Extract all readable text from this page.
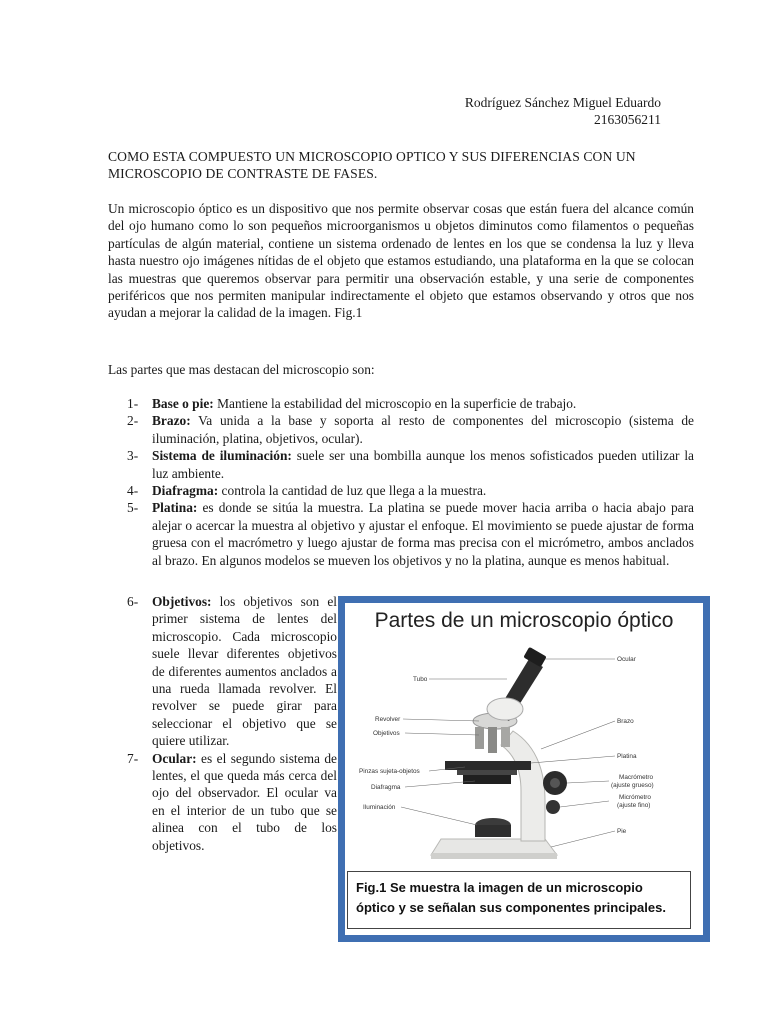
Rodríguez Sánchez Miguel Eduardo
2163056211
COMO ESTA COMPUESTO UN MICROSCOPIO OPTICO Y SUS DIFERENCIAS CON UN MICROSCOPIO DE CONTRASTE DE FASES.

Un microscopio óptico es un dispositivo que nos permite observar cosas que están fuera del alcance común del ojo humano como lo son pequeños microorganismos u objetos diminutos como filamentos o pequeñas partículas de algún material, contiene un sistema ordenado de lentes en los que se condensa la luz y lleva hasta nuestro ojo imágenes nítidas de el objeto que estamos estudiando, una plataforma en la que se colocan las muestras que queremos observar para permitir una observación estable, y una serie de componentes periféricos que nos permiten manipular indirectamente el objeto que estamos observando y otros que nos ayudan a mejorar la calidad de la imagen. Fig.1

Las partes que mas destacan del microscopio son:
1- Base o pie: Mantiene la estabilidad del microscopio en la superficie de trabajo.
2- Brazo: Va unida a la base y soporta al resto de componentes del microscopio (sistema de iluminación, platina, objetivos, ocular).
3- Sistema de iluminación: suele ser una bombilla aunque los menos sofisticados pueden utilizar la luz ambiente.
4- Diafragma: controla la cantidad de luz que llega a la muestra.
5- Platina: es donde se sitúa la muestra. La platina se puede mover hacia arriba o hacia abajo para alejar o acercar la muestra al objetivo y ajustar el enfoque. El movimiento se puede ajustar de forma gruesa con el macrómetro y luego ajustar de forma mas precisa con el micrómetro, ambos anclados al brazo. En algunos modelos se mueven los objetivos y no la platina, aunque es menos habitual.
6- Objetivos: los objetivos son el primer sistema de lentes del microscopio. Cada microscopio suele llevar diferentes objetivos de diferentes aumentos anclados a una rueda llamada revolver. El revolver se puede girar para seleccionar el objetivo que se quiere utilizar.
7- Ocular: es el segundo sistema de lentes, el que queda más cerca del ojo del observador. El ocular va en el interior de un tubo que se alinea con el tubo de los objetivos.
Partes de un microscopio óptico
Tubo
Revolver
Objetivos
Pinzas sujeta-objetos
Diafragma
Iluminación
Ocular
Brazo
Platina
Macrómetro
(ajuste grueso)
Micrómetro
(ajuste fino)
Pie
Fig.1 Se muestra la imagen de un microscopio óptico y se señalan sus componentes principales.
